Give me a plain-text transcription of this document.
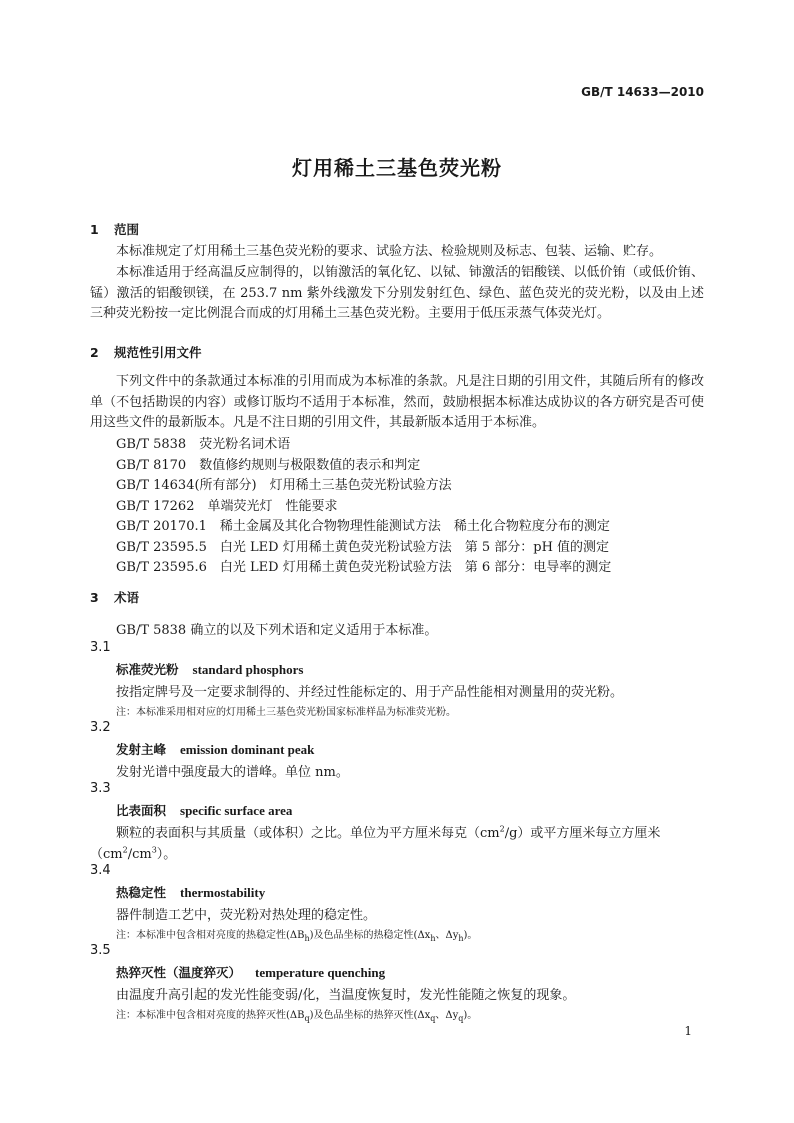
GB/T 14633—2010
灯用稀土三基色荧光粉
1 范围

本标准规定了灯用稀土三基色荧光粉的要求、试验方法、检验规则及标志、包装、运输、贮存。

本标准适用于经高温反应制得的，以铕激活的氧化钇、以铽、铈激活的铝酸镁、以低价铕（或低价铕、锰）激活的铝酸钡镁，在 253.7 nm 紫外线激发下分别发射红色、绿色、蓝色荧光的荧光粉，以及由上述三种荧光粉按一定比例混合而成的灯用稀土三基色荧光粉。主要用于低压汞蒸气体荧光灯。

2 规范性引用文件

下列文件中的条款通过本标准的引用而成为本标准的条款。凡是注日期的引用文件，其随后所有的修改单（不包括勘误的内容）或修订版均不适用于本标准，然而，鼓励根据本标准达成协议的各方研究是否可使用这些文件的最新版本。凡是不注日期的引用文件，其最新版本适用于本标准。

GB/T 5838　 荧光粉名词术语
GB/T 8170　 数值修约规则与极限数值的表示和判定
GB/T 14634(所有部分)　 灯用稀土三基色荧光粉试验方法
GB/T 17262　 单端荧光灯　性能要求
GB/T 20170.1　 稀土金属及其化合物物理性能测试方法　稀土化合物粒度分布的测定
GB/T 23595.5　 白光 LED 灯用稀土黄色荧光粉试验方法　第 5 部分：pH 值的测定
GB/T 23595.6　 白光 LED 灯用稀土黄色荧光粉试验方法　第 6 部分：电导率的测定
3 术语
GB/T 5838 确立的以及下列术语和定义适用于本标准。
3.1
标准荧光粉 standard phosphors
按指定牌号及一定要求制得的、并经过性能标定的、用于产品性能相对测量用的荧光粉。
注：本标准采用相对应的灯用稀土三基色荧光粉国家标准样品为标准荧光粉。
3.2
发射主峰 emission dominant peak
发射光谱中强度最大的谱峰。单位 nm。
3.3
比表面积 specific surface area
颗粒的表面积与其质量（或体积）之比。单位为平方厘米每克$(cm^2/g)$或平方厘米每立方厘米
$(cm^2/cm^3)$。
3.4
热稳定性 thermostability
器件制造工艺中，荧光粉对热处理的稳定性。
注：本标准中包含相对亮度的热稳定性$(\Delta B_h)$及色品坐标的热稳定性($\Delta x_h$、$\Delta y_h$)。
3.5
热猝灭性（温度猝灭） temperature quenching
由温度升高引起的发光性能变弱/化，当温度恢复时，发光性能随之恢复的现象。
注：本标准中包含相对亮度的热猝灭性$(\Delta B_q)$及色品坐标的热猝灭性($\Delta x_q$、$\Delta y_q$)。
1
